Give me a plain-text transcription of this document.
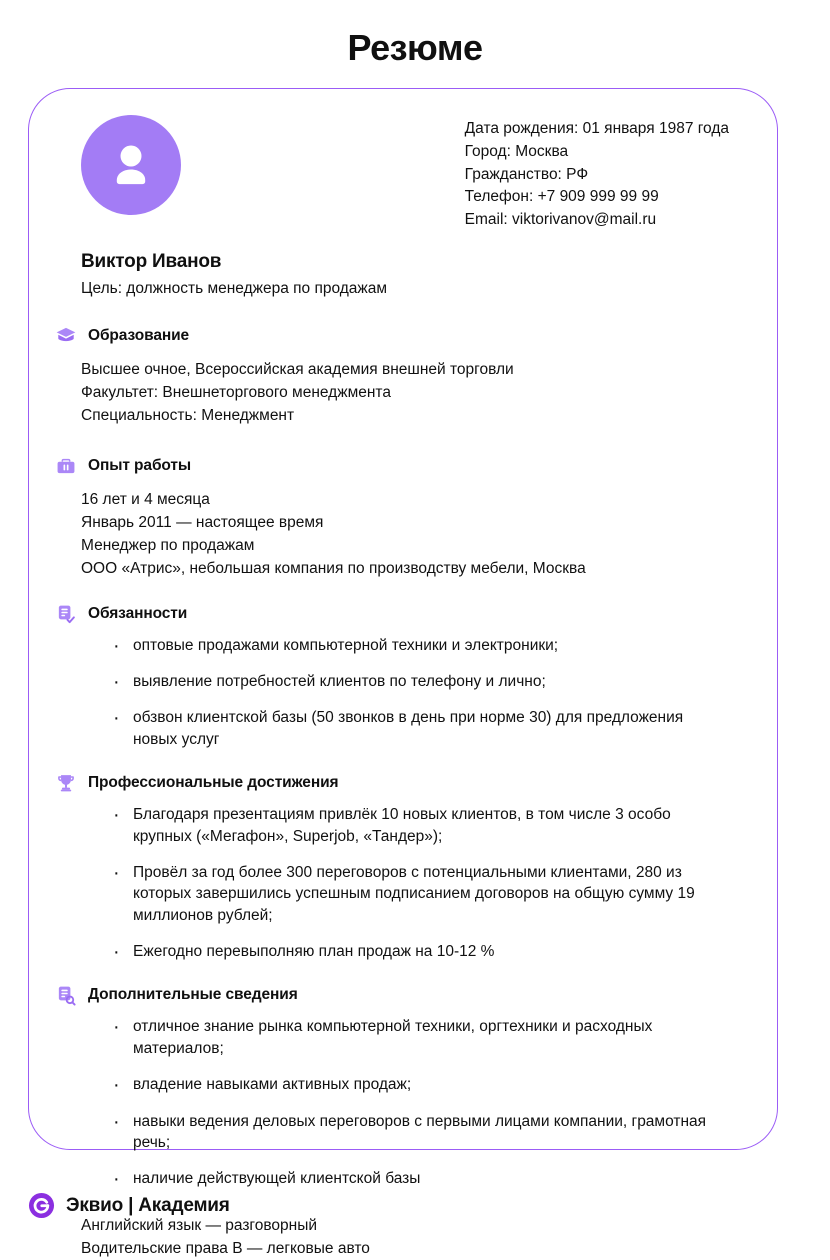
Резюме
Дата рождения: 01 января 1987 года
Город: Москва
Гражданство: РФ
Телефон: +7 909 999 99 99
Email: viktorivanov@mail.ru
Виктор Иванов
Цель: должность менеджера по продажам
Образование
Высшее очное, Всероссийская академия внешней торговли
Факультет: Внешнеторгового менеджмента
Специальность: Менеджмент
Опыт работы
16 лет и 4 месяца
Январь 2011 — настоящее время
Менеджер по продажам
ООО «Атрис», небольшая компания по производству мебели, Москва
Обязанности
· оптовые продажами компьютерной техники и электроники;
· выявление потребностей клиентов по телефону и лично;
· обзвон клиентской базы (50 звонков в день при норме 30) для предложения новых услуг
Профессиональные достижения
· Благодаря презентациям привлёк 10 новых клиентов, в том числе 3 особо крупных («Мегафон», Superjob, «Тандер»);
· Провёл за год более 300 переговоров с потенциальными клиентами, 280 из которых завершились успешным подписанием договоров на общую сумму 19 миллионов рублей;
· Ежегодно перевыполняю план продаж на 10-12 %
Дополнительные сведения
· отличное знание рынка компьютерной техники, оргтехники и расходных материалов;
· владение навыками активных продаж;
· навыки ведения деловых переговоров с первыми лицами компании, грамотная речь;
· наличие действующей клиентской базы
Английский язык — разговорный
Водительские права B — легковые авто
Эквио | Академия
